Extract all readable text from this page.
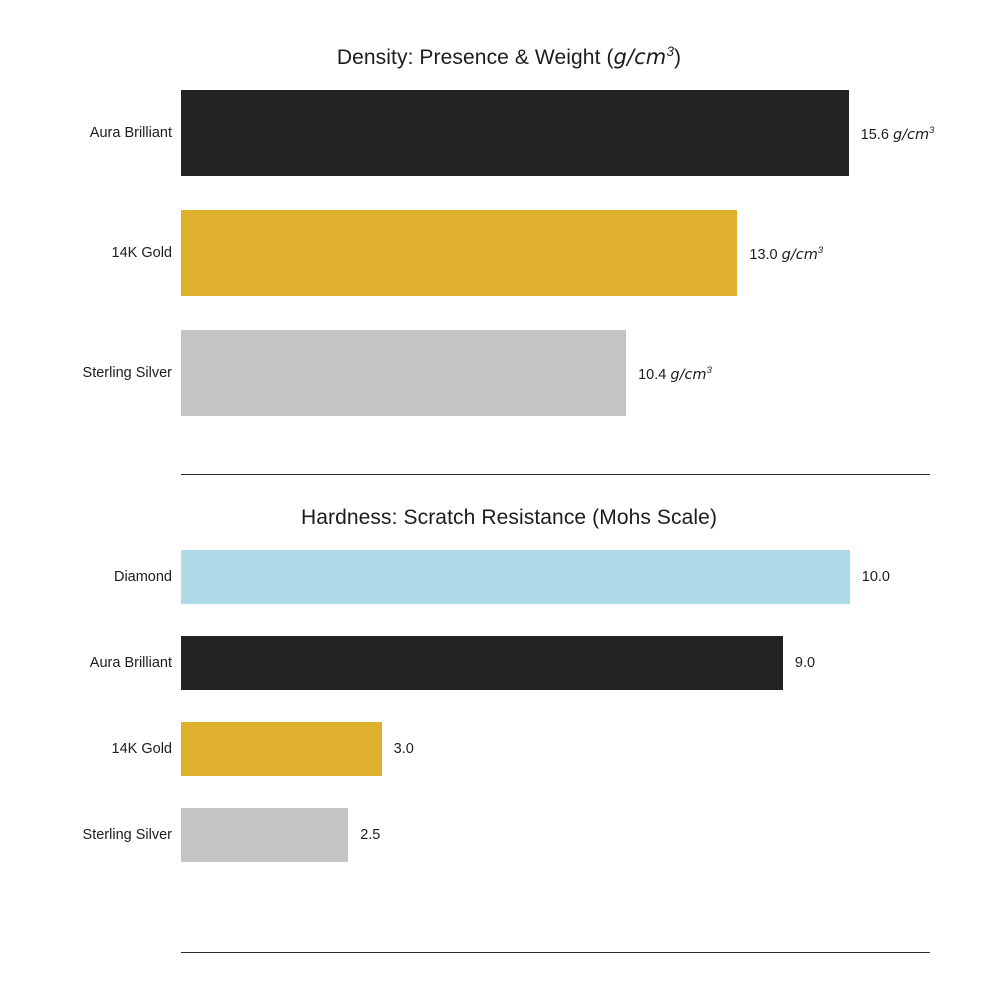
Density: Presence & Weight $(g/cm^3)$
Aura Brilliant	15.6 $g/cm^3$
14K Gold	13.0 $g/cm^3$
Sterling Silver	10.4 $g/cm^3$
Hardness: Scratch Resistance (Mohs Scale)
Diamond	10.0
Aura Brilliant	9.0
14K Gold	3.0
Sterling Silver	2.5
